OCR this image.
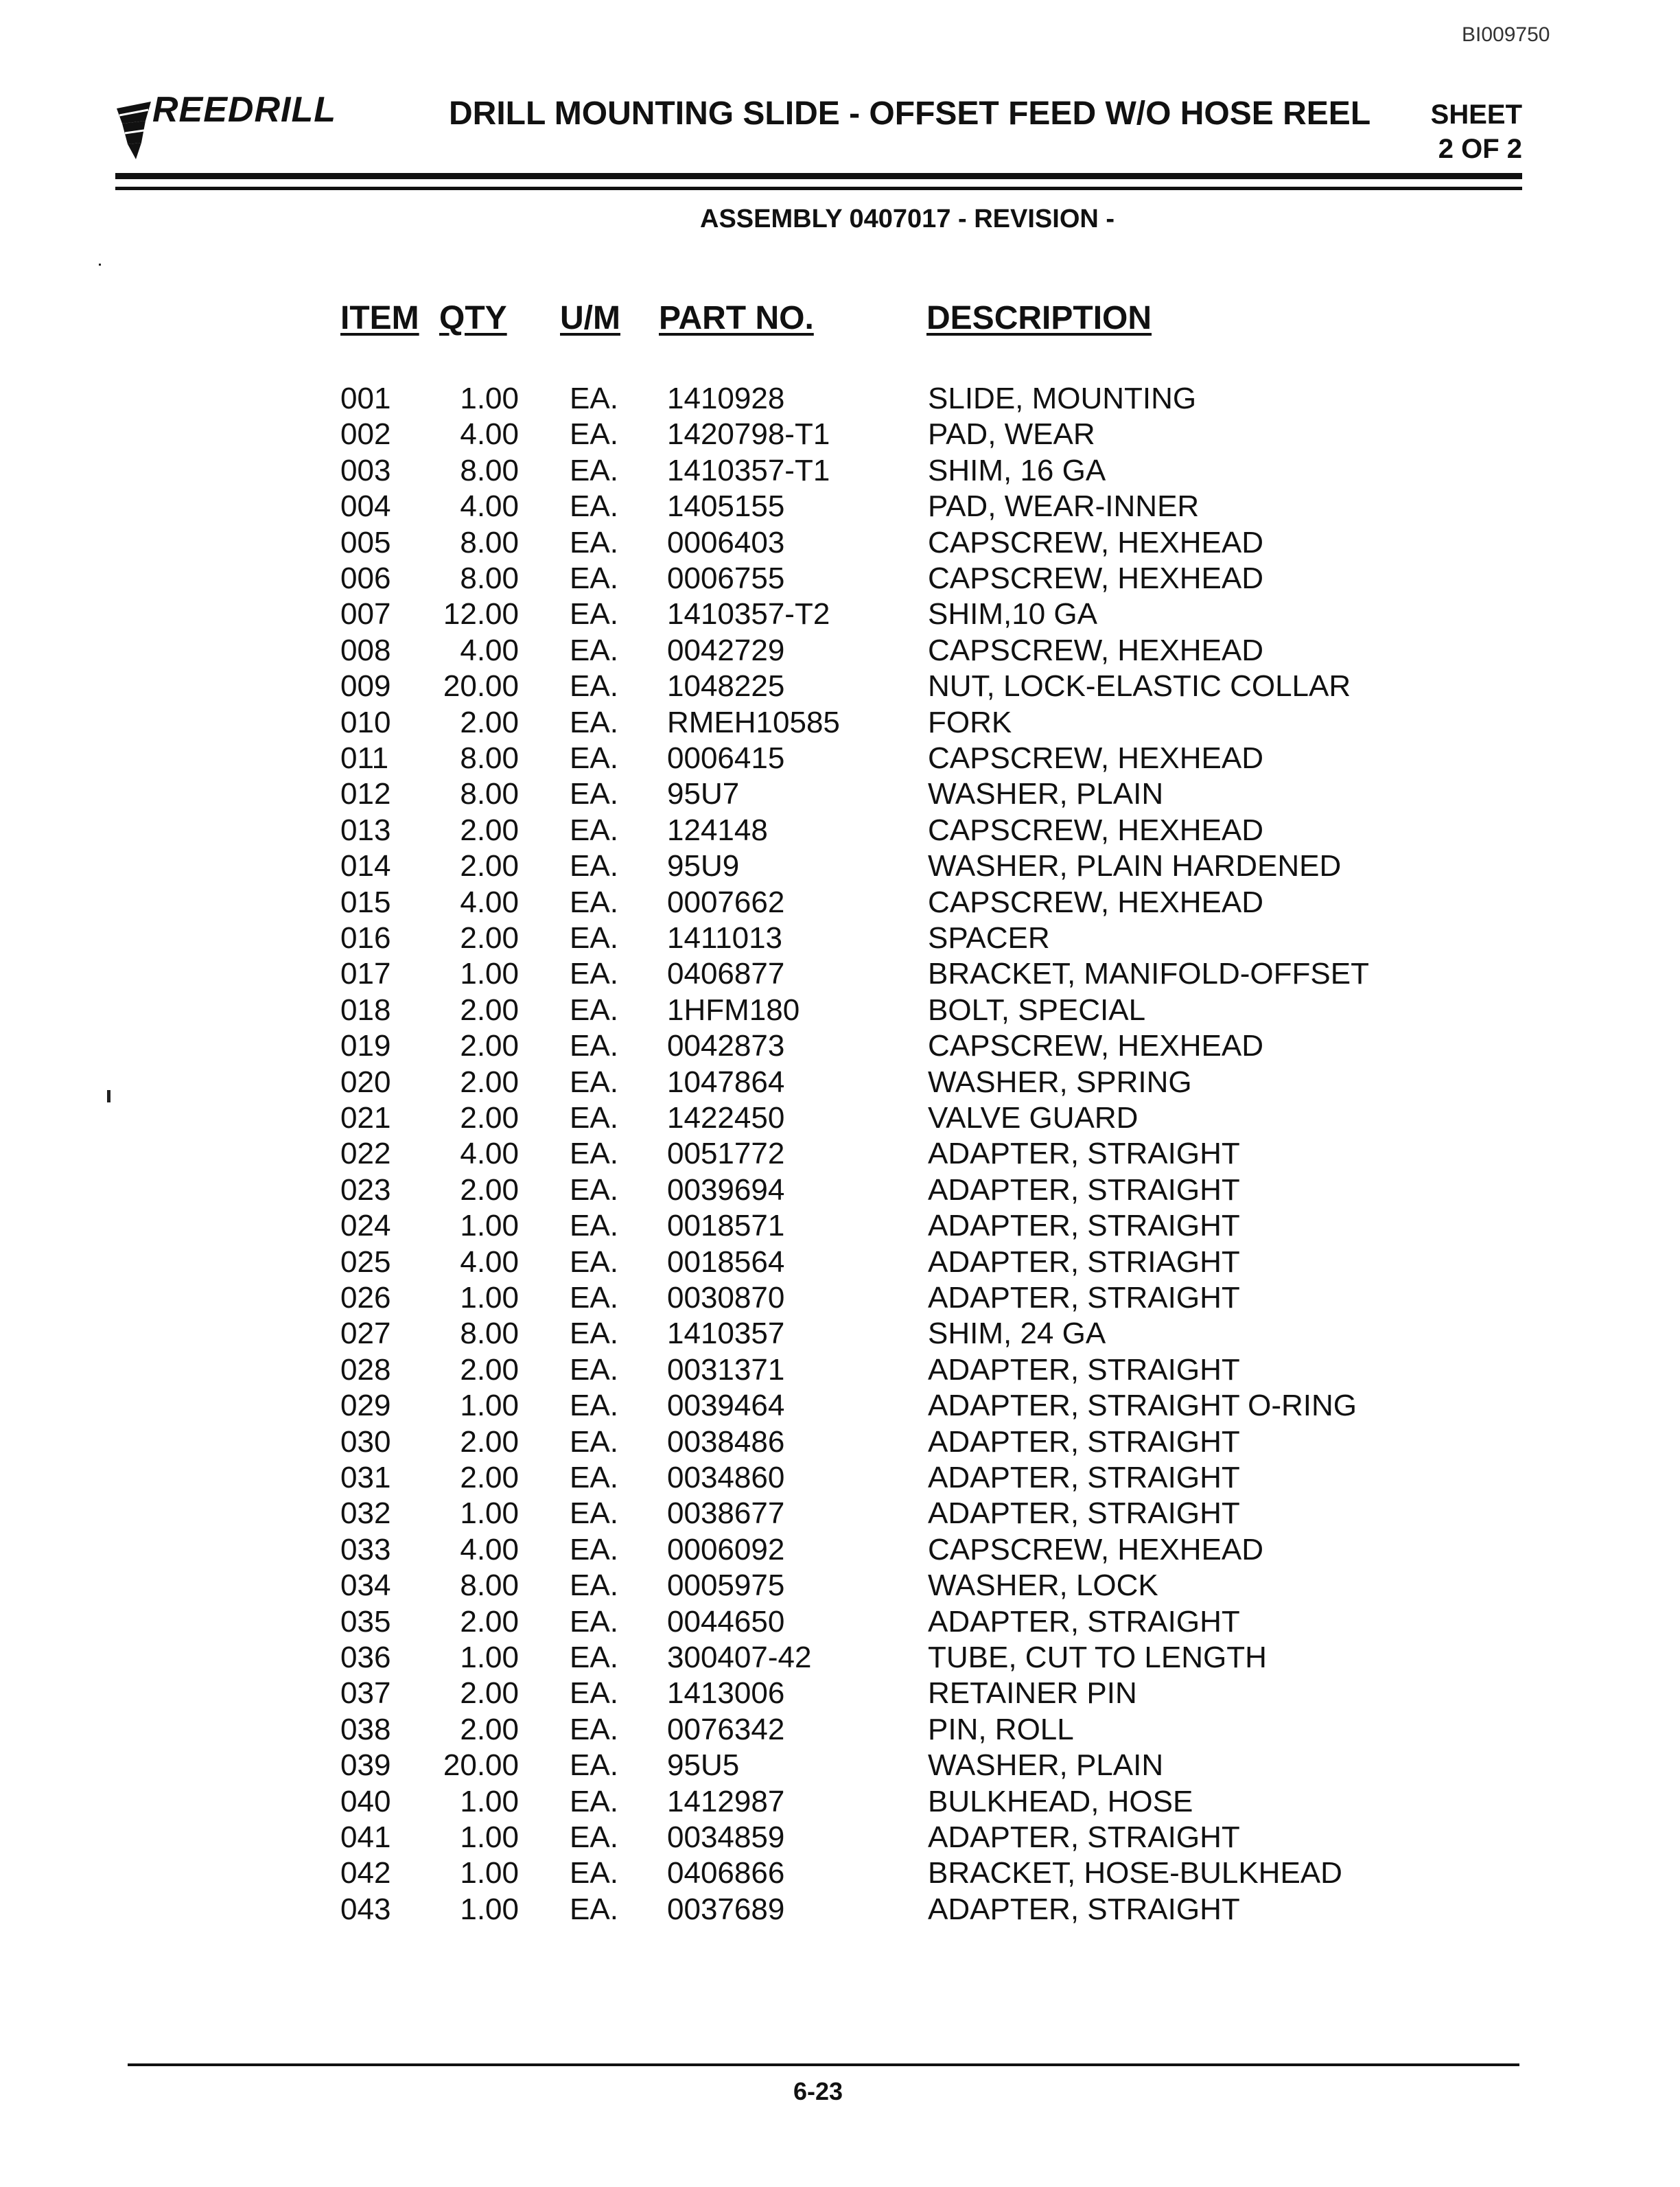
BI009750
REEDRILL	DRILL MOUNTING SLIDE - OFFSET FEED W/O HOSE REEL SHEET
2 OF 2
ASSEMBLY 0407017 - REVISION -
ITEM QTY U/M PART NO.	DESCRIPTION
001	1.00 EA. 1410928	SLIDE, MOUNTING
002	4.00 EA. 1420798-T1	PAD, WEAR
003	8.00 EA. 1410357-T1	SHIM, 16 GA
004	4.00 EA. 1405155	PAD, WEAR-INNER
005	8.00 EA. 0006403	CAPSCREW, HEXHEAD
006	8.00 EA. 0006755	CAPSCREW, HEXHEAD
007	12.00 EA. 1410357-T2	SHIM,10 GA
008	4.00 EA. 0042729	CAPSCREW, HEXHEAD
009	20.00 EA. 1048225	NUT, LOCK-ELASTIC COLLAR
010	2.00 EA. RMEH10585	FORK
011	8.00 EA. 0006415	CAPSCREW, HEXHEAD
012	8.00 EA. 95U7	WASHER, PLAIN
013	2.00 EA. 124148	CAPSCREW, HEXHEAD
014	2.00 EA. 95U9	WASHER, PLAIN HARDENED
015	4.00 EA. 0007662	CAPSCREW, HEXHEAD
016	2.00 EA. 1411013	SPACER
017	1.00 EA. 0406877	BRACKET, MANIFOLD-OFFSET
018	2.00 EA. 1HFM180	BOLT, SPECIAL
019	2.00 EA. 0042873	CAPSCREW, HEXHEAD
020	2.00 EA. 1047864	WASHER, SPRING
021	2.00 EA. 1422450	VALVE GUARD
022	4.00 EA. 0051772	ADAPTER, STRAIGHT
023	2.00 EA. 0039694	ADAPTER, STRAIGHT
024	1.00 EA. 0018571	ADAPTER, STRAIGHT
025	4.00 EA. 0018564	ADAPTER, STRIAGHT
026	1.00 EA. 0030870	ADAPTER, STRAIGHT
027	8.00 EA. 1410357	SHIM, 24 GA
028	2.00 EA. 0031371	ADAPTER, STRAIGHT
029	1.00 EA. 0039464	ADAPTER, STRAIGHT O-RING
030	2.00 EA. 0038486	ADAPTER, STRAIGHT
031	2.00 EA. 0034860	ADAPTER, STRAIGHT
032	1.00 EA. 0038677	ADAPTER, STRAIGHT
033	4.00 EA. 0006092	CAPSCREW, HEXHEAD
034	8.00 EA. 0005975	WASHER, LOCK
035	2.00 EA. 0044650	ADAPTER, STRAIGHT
036	1.00 EA. 300407-42	TUBE, CUT TO LENGTH
037	2.00 EA. 1413006	RETAINER PIN
038	2.00 EA. 0076342	PIN, ROLL
039	20.00 EA. 95U5	WASHER, PLAIN
040	1.00 EA. 1412987	BULKHEAD, HOSE
041	1.00 EA. 0034859	ADAPTER, STRAIGHT
042	1.00 EA. 0406866	BRACKET, HOSE-BULKHEAD
043	1.00 EA. 0037689	ADAPTER, STRAIGHT
6-23
